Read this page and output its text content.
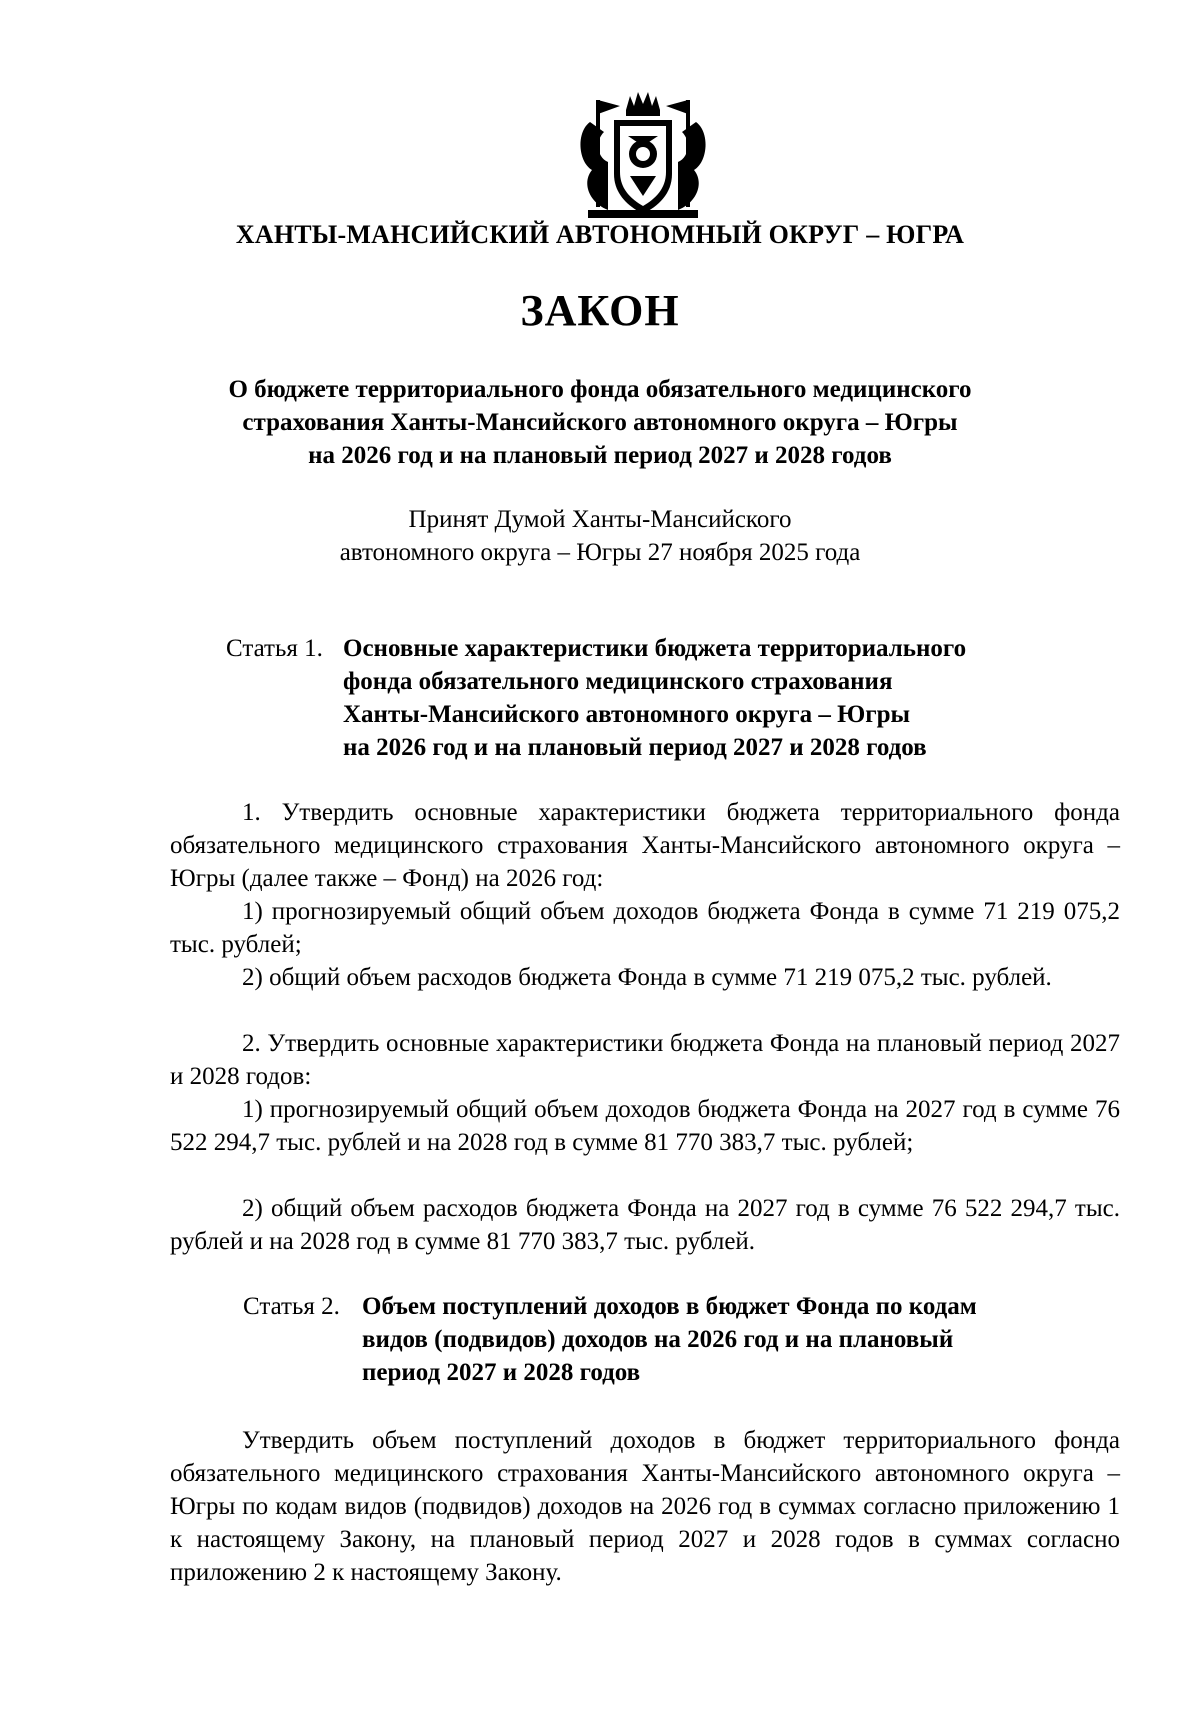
ХАНТЫ-МАНСИЙСКИЙ АВТОНОМНЫЙ ОКРУГ – ЮГРА
ЗАКОН
О бюджете территориального фонда обязательного медицинского
страхования Ханты-Мансийского автономного округа – Югры
на 2026 год и на плановый период 2027 и 2028 годов
Принят Думой Ханты-Мансийского
автономного округа – Югры 27 ноября 2025 года
Статья 1. Основные характеристики бюджета территориального
фонда обязательного медицинского страхования
Ханты-Мансийского автономного округа – Югры
на 2026 год и на плановый период 2027 и 2028 годов

1. Утвердить основные характеристики бюджета территориального фонда обязательного медицинского страхования Ханты-Мансийского автономного округа – Югры (далее также – Фонд) на 2026 год:

1) прогнозируемый общий объем доходов бюджета Фонда в сумме 71 219 075,2 тыс. рублей;

2) общий объем расходов бюджета Фонда в сумме 71 219 075,2 тыс. рублей.

2. Утвердить основные характеристики бюджета Фонда на плановый период 2027 и 2028 годов:

1) прогнозируемый общий объем доходов бюджета Фонда на 2027 год в сумме 76 522 294,7 тыс. рублей и на 2028 год в сумме 81 770 383,7 тыс. рублей;

2) общий объем расходов бюджета Фонда на 2027 год в сумме 76 522 294,7 тыс. рублей и на 2028 год в сумме 81 770 383,7 тыс. рублей.

Статья 2. Объем поступлений доходов в бюджет Фонда по кодам
видов (подвидов) доходов на 2026 год и на плановый
период 2027 и 2028 годов

Утвердить объем поступлений доходов в бюджет территориального фонда обязательного медицинского страхования Ханты-Мансийского автономного округа – Югры по кодам видов (подвидов) доходов на 2026 год в суммах согласно приложению 1 к настоящему Закону, на плановый период 2027 и 2028 годов в суммах согласно приложению 2 к настоящему Закону.
